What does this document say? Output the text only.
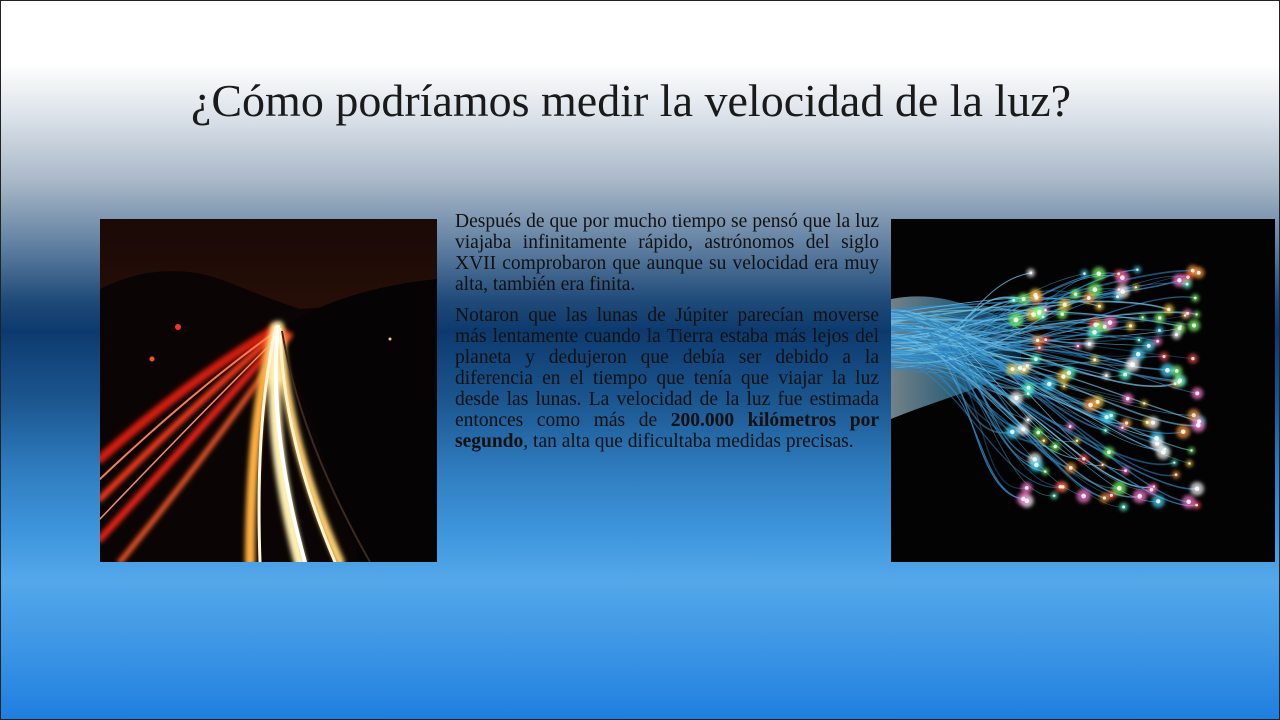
¿Cómo podríamos medir la velocidad de la luz?

Después de que por mucho tiempo se pensó que la luz viajaba infinitamente rápido, astrónomos del siglo XVII comprobaron que aunque su velocidad era muy alta, también era finita.

Notaron que las lunas de Júpiter parecían moverse más lentamente cuando la Tierra estaba más lejos del planeta y dedujeron que debía ser debido a la diferencia en el tiempo que tenía que viajar la luz desde las lunas. La velocidad de la luz fue estimada entonces como más de 200.000 kilómetros por segundo, tan alta que dificultaba medidas precisas.
